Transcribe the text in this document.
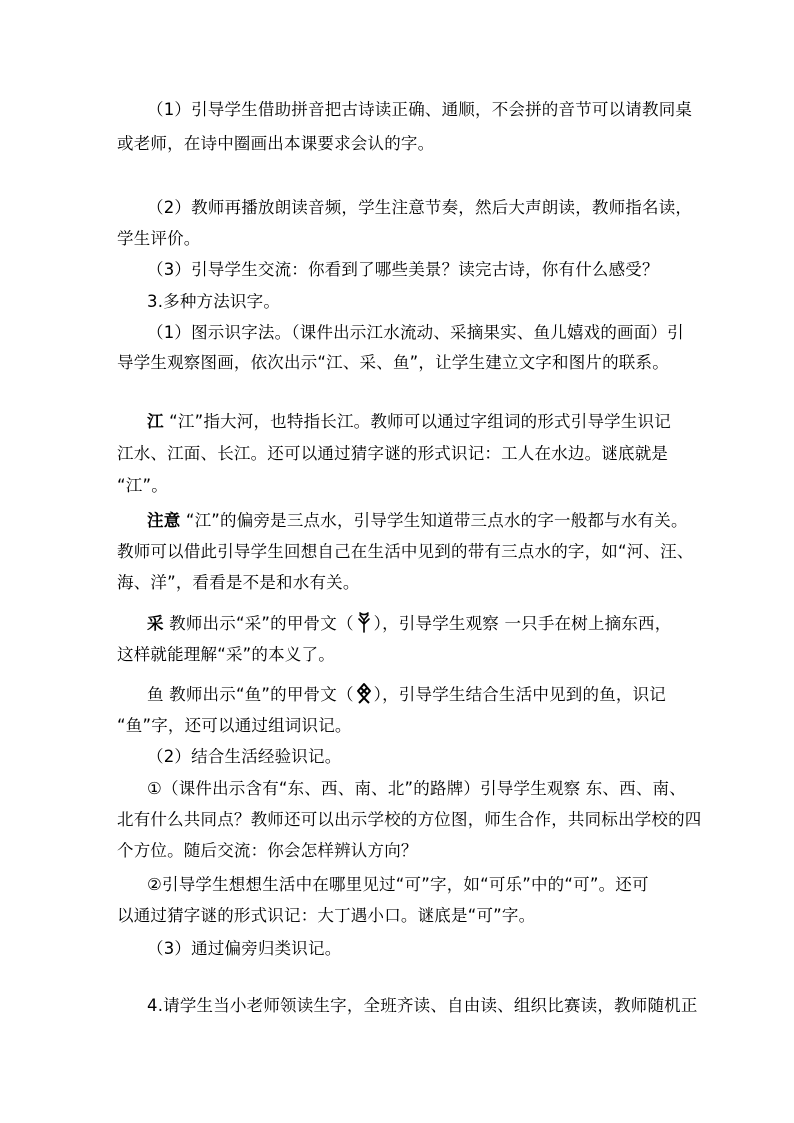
（1）引导学生借助拼音把古诗读正确、通顺，不会拼的音节可以请教同桌
或老师，在诗中圈画出本课要求会认的字。
（2）教师再播放朗读音频，学生注意节奏，然后大声朗读，教师指名读，
学生评价。
（3）引导学生交流：你看到了哪些美景？读完古诗，你有什么感受？
3.多种方法识字。
（1）图示识字法。（课件出示江水流动、采摘果实、鱼儿嬉戏的画面）引
导学生观察图画，依次出示“江、采、鱼”，让学生建立文字和图片的联系。
江 “江”指大河，也特指长江。教师可以通过字组词的形式引导学生识记
江水、江面、长江。还可以通过猜字谜的形式识记：工人在水边。谜底就是
“江”。
注意 “江”的偏旁是三点水，引导学生知道带三点水的字一般都与水有关。
教师可以借此引导学生回想自己在生活中见到的带有三点水的字，如“河、汪、
海、洋”，看看是不是和水有关。
采 教师出示“采”的甲骨文（ ），引导学生观察 一只手在树上摘东西，
这样就能理解“采”的本义了。
鱼 教师出示“鱼”的甲骨文（ ），引导学生结合生活中见到的鱼，识记
“鱼”字，还可以通过组词识记。
（2）结合生活经验识记。
①（课件出示含有“东、西、南、北”的路牌）引导学生观察 东、西、南、
北有什么共同点？教师还可以出示学校的方位图，师生合作，共同标出学校的四
个方位。随后交流：你会怎样辨认方向？
②引导学生想想生活中在哪里见过“可”字，如“可乐”中的“可”。还可
以通过猜字谜的形式识记：大丁遇小口。谜底是“可”字。
（3）通过偏旁归类识记。
4.请学生当小老师领读生字，全班齐读、自由读、组织比赛读，教师随机正
